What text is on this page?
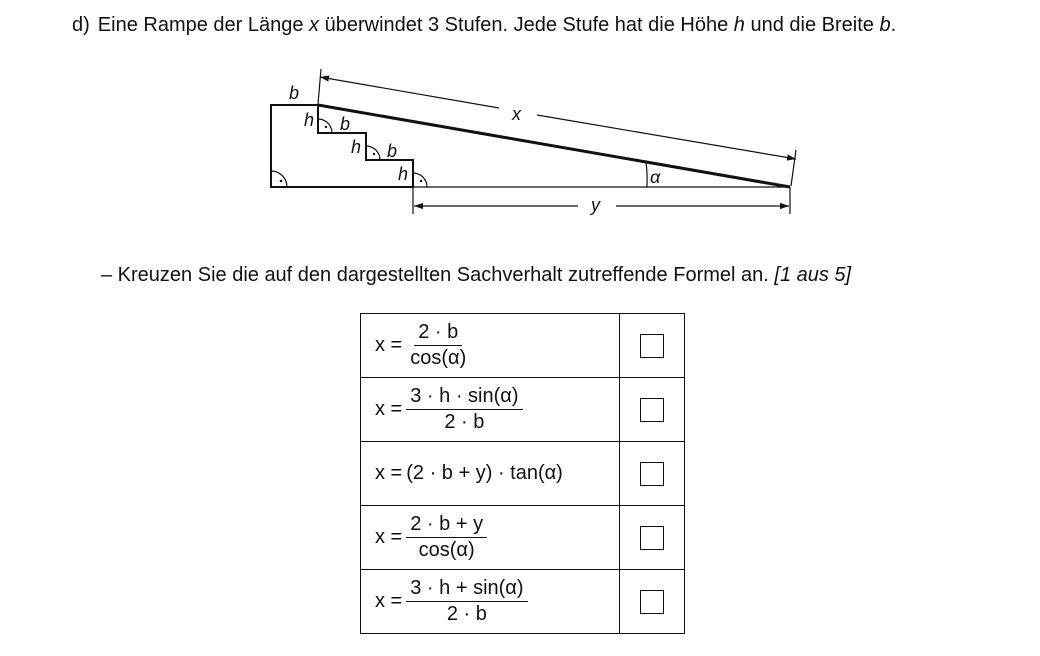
d) Eine Rampe der Länge x überwindet 3 Stufen. Jede Stufe hat die Höhe h und die Breite b.
b
h b
h b
h
x
y
α
– Kreuzen Sie die auf den dargestellten Sachverhalt zutreffende Formel an. [1 aus 5]
$x = \frac{2 \cdot b}{\cos(\alpha)}$

$x = \frac{3 \cdot h \cdot \sin(\alpha)}{2 \cdot b}$

x = (2 · b + y) · tan(α)	

$x = \frac{2 \cdot b + y}{\cos(\alpha)}$

$x = \frac{3 \cdot h + \sin(\alpha)}{2 \cdot b}$
